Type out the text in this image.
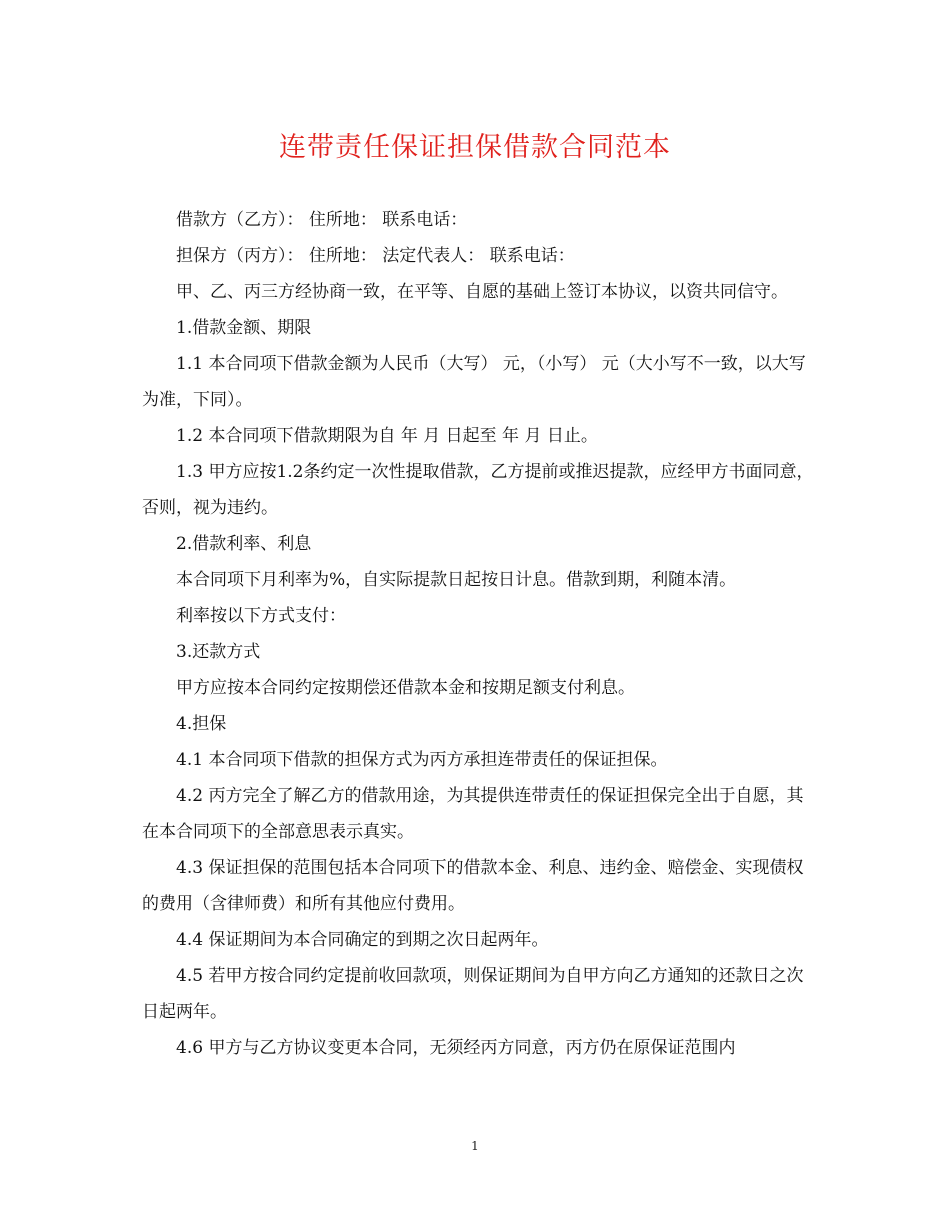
连带责任保证担保借款合同范本

借款方（乙方）： 住所地： 联系电话：

担保方（丙方）： 住所地： 法定代表人： 联系电话：

甲、乙、丙三方经协商一致，在平等、自愿的基础上签订本协议，以资共同信守。

1.借款金额、期限

1.1 本合同项下借款金额为人民币（大写） 元，（小写） 元（大小写不一致，以大写为准，下同）。

1.2 本合同项下借款期限为自 年 月 日起至 年 月 日止。

1.3 甲方应按1.2条约定一次性提取借款，乙方提前或推迟提款，应经甲方书面同意，否则，视为违约。

2.借款利率、利息

本合同项下月利率为%，自实际提款日起按日计息。借款到期，利随本清。

利率按以下方式支付：

3.还款方式

甲方应按本合同约定按期偿还借款本金和按期足额支付利息。

4.担保

4.1 本合同项下借款的担保方式为丙方承担连带责任的保证担保。

4.2 丙方完全了解乙方的借款用途，为其提供连带责任的保证担保完全出于自愿，其在本合同项下的全部意思表示真实。

4.3 保证担保的范围包括本合同项下的借款本金、利息、违约金、赔偿金、实现债权的费用（含律师费）和所有其他应付费用。

4.4 保证期间为本合同确定的到期之次日起两年。

4.5 若甲方按合同约定提前收回款项，则保证期间为自甲方向乙方通知的还款日之次日起两年。

4.6 甲方与乙方协议变更本合同，无须经丙方同意，丙方仍在原保证范围内

1
